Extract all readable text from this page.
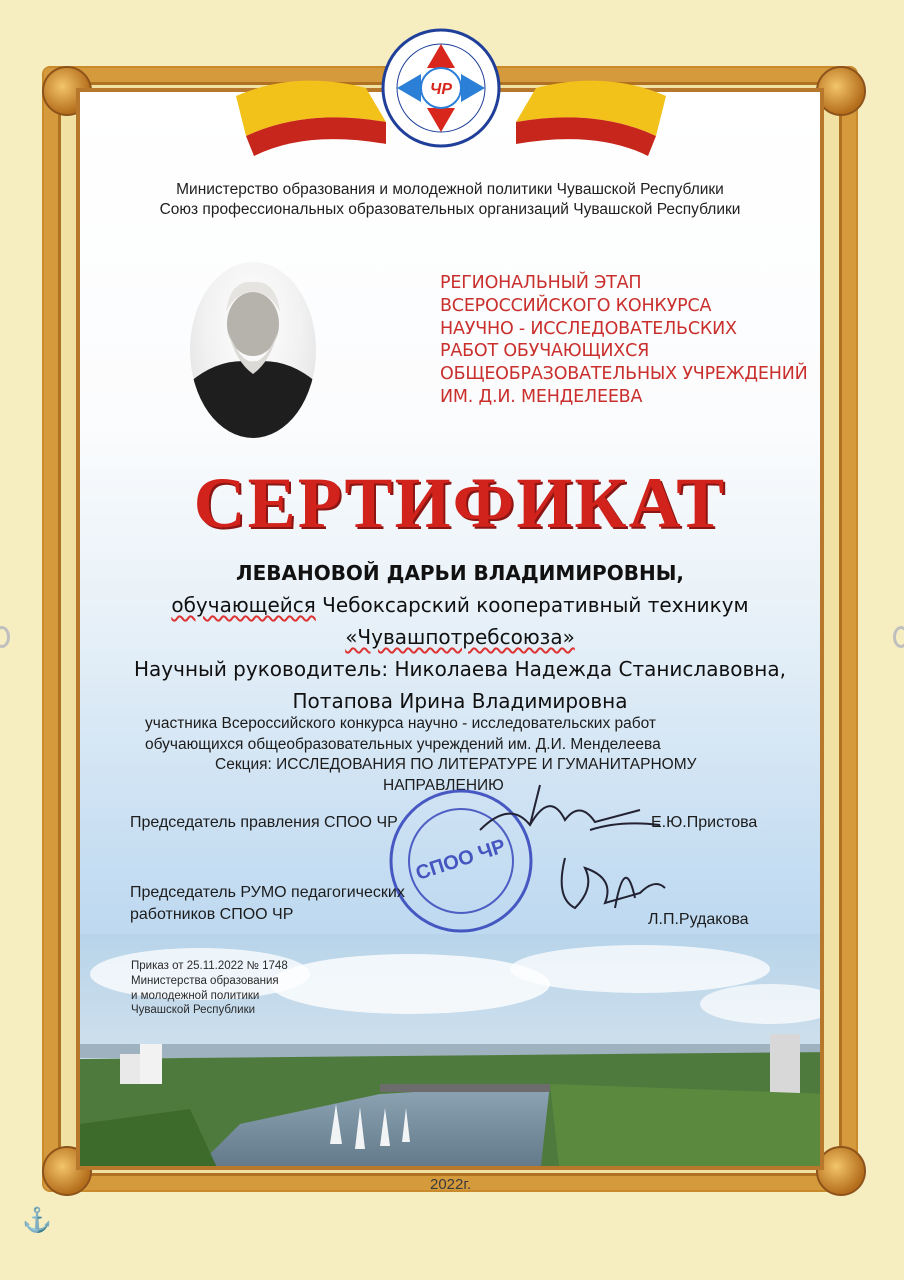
ЧР
Министерство образования и молодежной политики Чувашской Республики
Союз профессиональных образовательных организаций Чувашской Республики
РЕГИОНАЛЬНЫЙ ЭТАП
ВСЕРОССИЙСКОГО КОНКУРСА
НАУЧНО - ИССЛЕДОВАТЕЛЬСКИХ
РАБОТ ОБУЧАЮЩИХСЯ
ОБЩЕОБРАЗОВАТЕЛЬНЫХ УЧРЕЖДЕНИЙ
ИМ. Д.И. МЕНДЕЛЕЕВА
СЕРТИФИКАТ
ЛЕВАНОВОЙ ДАРЬИ ВЛАДИМИРОВНЫ,
обучающейся Чебоксарский кооперативный техникум
«Чувашпотребсоюза»
Научный руководитель: Николаева Надежда Станиславовна,
Потапова Ирина Владимировна
участника Всероссийского конкурса научно - исследовательских работ
обучающихся общеобразовательных учреждений им. Д.И. Менделеева
Секция: ИССЛЕДОВАНИЯ ПО ЛИТЕРАТУРЕ И ГУМАНИТАРНОМУ
НАПРАВЛЕНИЮ
СПОО ЧР
Председатель правления СПОО ЧР	Е.Ю.Пристова
Председатель РУМО педагогических
работников СПОО ЧР	Л.П.Рудакова
Приказ от 25.11.2022 № 1748
Министерства образования
и молодежной политики
Чувашской Республики
2022г.
⚓
